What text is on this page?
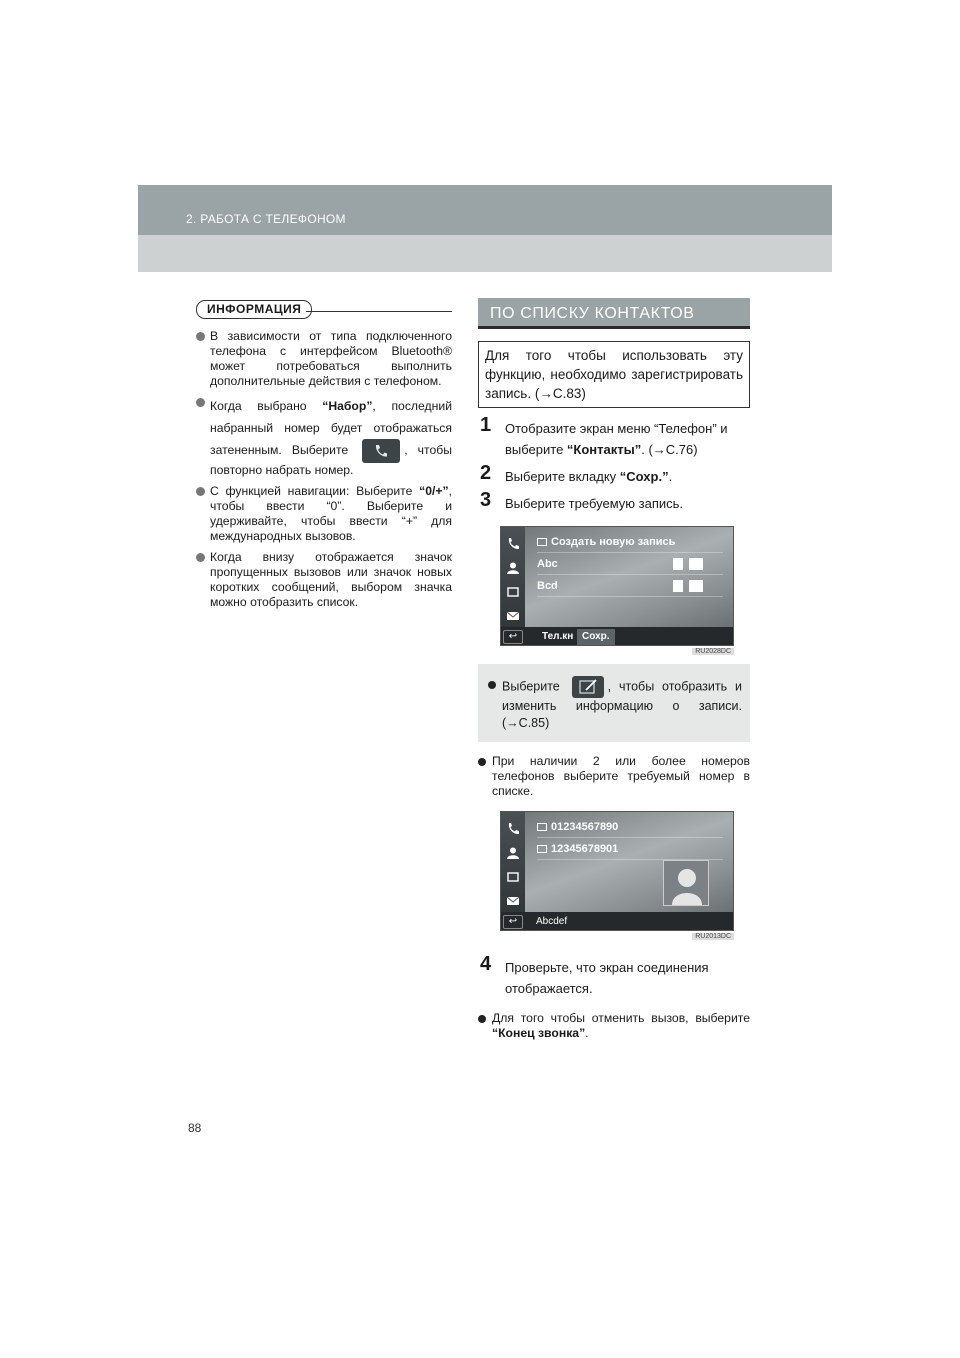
2. РАБОТА С ТЕЛЕФОНОМ
ИНФОРМАЦИЯ
В зависимости от типа подключенного телефона с интерфейсом Bluetooth® может потребоваться выполнить дополнительные действия с телефоном.
Когда выбрано “Набор”, последний набранный номер будет отображаться затененным. Выберите	, чтобы повторно набрать номер.
С функцией навигации: Выберите “0/+”, чтобы ввести “0”. Выберите и удерживайте, чтобы ввести “+” для международных вызовов.
Когда внизу отображается значок пропущенных вызовов или значок новых коротких сообщений, выбором значка можно отобразить список.
ПО СПИСКУ КОНТАКТОВ
Для того чтобы использовать эту функцию, необходимо зарегистрировать запись. (→С.83)
1 Отобразите экран меню “Телефон” и выберите “Контакты”. (→С.76)
2 Выберите вкладку “Сохр.”.
3 Выберите требуемую запись.
Создать новую запись
Abc
Bcd
↩	Тел.кн Сохр.
RU2028DC
Выберите	, чтобы отобразить и изменить информацию о записи. (→С.85)
При наличии 2 или более номеров телефонов выберите требуемый номер в списке.
01234567890
12345678901
↩	Abcdef
RU2013DC
4 Проверьте, что экран соединения отображается.
Для того чтобы отменить вызов, выберите “Конец звонка”.
88
